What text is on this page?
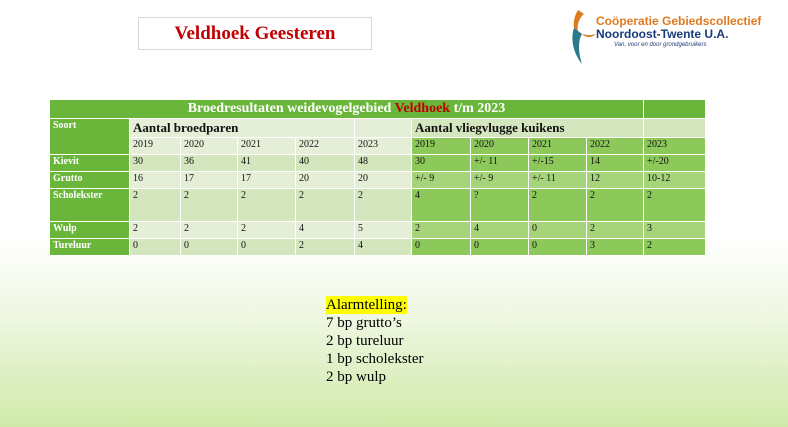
Veldhoek Geesteren
Coöperatie Gebiedscollectief
Noordoost-Twente U.A.
Van, voor en door grondgebruikers
Broedresultaten weidevogelgebied Veldhoek t/m 2023										
Soort	Aantal broedparen					Aantal vliegvlugge kuikens				
	2019	2020	2021	2022	2023	2019	2020	2021	2022	2023
Kievit	30	36	41	40	48	30	+/- 11	+/-15	14	+/-20
Grutto	16	17	17	20	20	+/- 9	+/- 9	+/- 11	12	10-12
Scholekster	2	2	2	2	2	4	?	2	2	2
Wulp	2	2	2	4	5	2	4	0	2	3
Tureluur	0	0	0	2	4	0	0	0	3	2
Alarmtelling:
7 bp grutto’s
2 bp tureluur
1 bp scholekster
2 bp wulp
